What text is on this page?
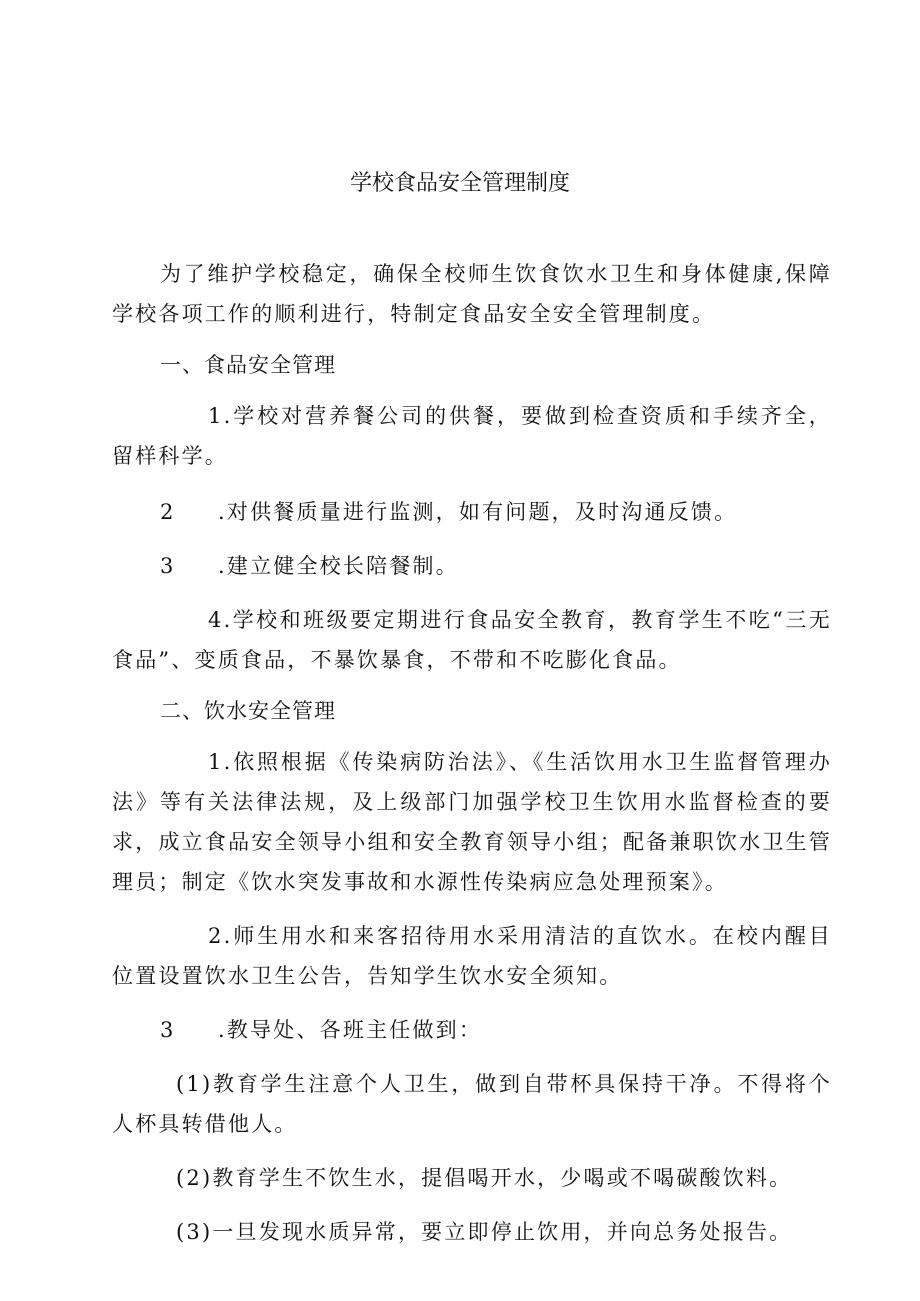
学校食品安全管理制度

为了维护学校稳定，确保全校师生饮食饮水卫生和身体健康,保障学校各项工作的顺利进行，特制定食品安全安全管理制度。

一、食品安全管理

1.学校对营养餐公司的供餐，要做到检查资质和手续齐全，留样科学。

2 .对供餐质量进行监测，如有问题，及时沟通反馈。

3 .建立健全校长陪餐制。

4.学校和班级要定期进行食品安全教育，教育学生不吃“三无食品”、变质食品，不暴饮暴食，不带和不吃膨化食品。

二、饮水安全管理

1.依照根据《传染病防治法》、《生活饮用水卫生监督管理办法》等有关法律法规，及上级部门加强学校卫生饮用水监督检查的要求，成立食品安全领导小组和安全教育领导小组；配备兼职饮水卫生管理员；制定《饮水突发事故和水源性传染病应急处理预案》。

2.师生用水和来客招待用水采用清洁的直饮水。在校内醒目位置设置饮水卫生公告，告知学生饮水安全须知。

3 .教导处、各班主任做到：

(1)教育学生注意个人卫生，做到自带杯具保持干净。不得将个人杯具转借他人。

(2)教育学生不饮生水，提倡喝开水，少喝或不喝碳酸饮料。

(3)一旦发现水质异常，要立即停止饮用，并向总务处报告。
